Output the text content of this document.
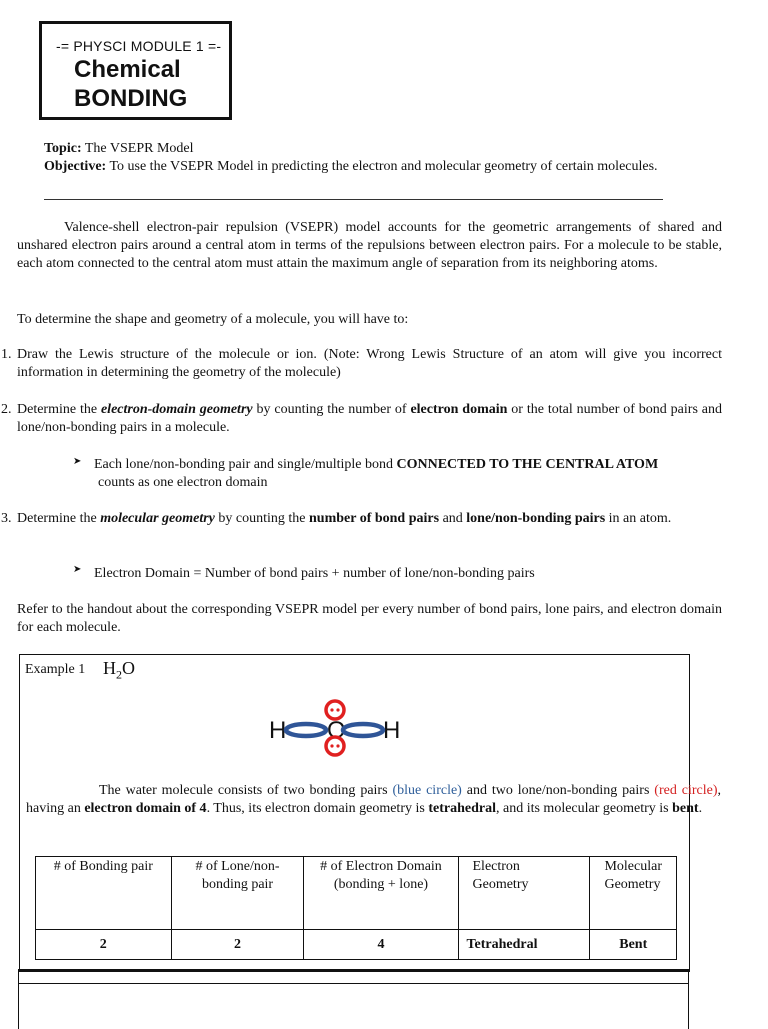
-= PHYSCI MODULE 1 =-
Chemical
BONDING
Topic: The VSEPR Model
Objective: To use the VSEPR Model in predicting the electron and molecular geometry of certain molecules.
Valence-shell electron-pair repulsion (VSEPR) model accounts for the geometric arrangements of shared and unshared electron pairs around a central atom in terms of the repulsions between electron pairs. For a molecule to be stable, each atom connected to the central atom must attain the maximum angle of separation from its neighboring atoms.
To determine the shape and geometry of a molecule, you will have to:
1. Draw the Lewis structure of the molecule or ion. (Note: Wrong Lewis Structure of an atom will give you incorrect information in determining the geometry of the molecule)
2. Determine the electron-domain geometry by counting the number of electron domain or the total number of bond pairs and lone/non-bonding pairs in a molecule.
➤ Each lone/non-bonding pair and single/multiple bond CONNECTED TO THE CENTRAL ATOM
counts as one electron domain
3. Determine the molecular geometry by counting the number of bond pairs and lone/non-bonding pairs in an atom.
➤ Electron Domain = Number of bond pairs + number of lone/non-bonding pairs
Refer to the handout about the corresponding VSEPR model per every number of bond pairs, lone pairs, and electron domain for each molecule.
Example 1 $H_2O$
H O H
The water molecule consists of two bonding pairs (blue circle) and two lone/non-bonding pairs (red circle), having an electron domain of 4. Thus, its electron domain geometry is tetrahedral, and its molecular geometry is bent.
# of Bonding pair	# of Lone/non-bonding pair	# of Electron Domain (bonding + lone)	Electron Geometry	Molecular Geometry
2	2	4	Tetrahedral	Bent
